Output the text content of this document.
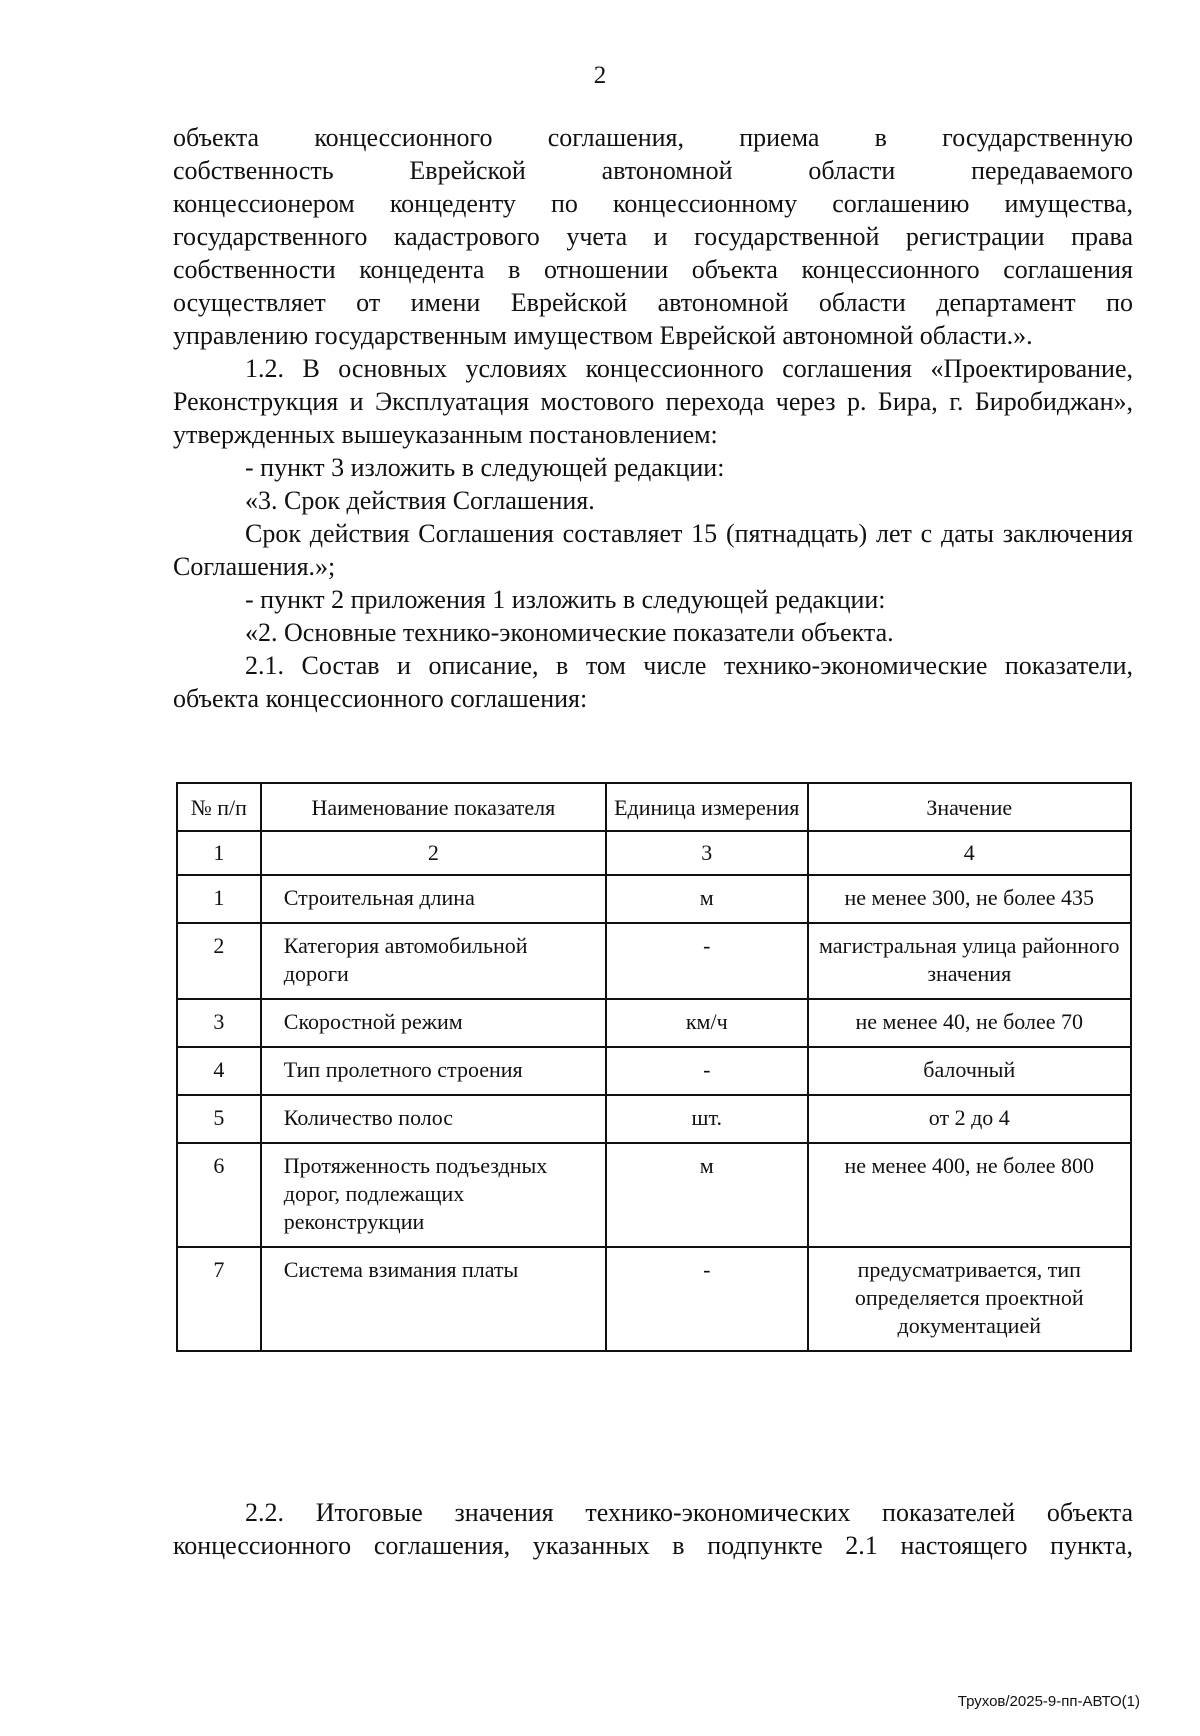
2

объекта концессионного соглашения, приема в государственную

собственность Еврейской автономной области передаваемого

концессионером концеденту по концессионному соглашению имущества,

государственного кадастрового учета и государственной регистрации права

собственности концедента в отношении объекта концессионного соглашения

осуществляет от имени Еврейской автономной области департамент по

управлению государственным имуществом Еврейской автономной области.».

1.2. В основных условиях концессионного соглашения «Проектирование, Реконструкция и Эксплуатация мостового перехода через р. Бира, г. Биробиджан», утвержденных вышеуказанным постановлением:

- пункт 3 изложить в следующей редакции:

«3. Срок действия Соглашения.

Срок действия Соглашения составляет 15 (пятнадцать) лет с даты заключения Соглашения.»;

- пункт 2 приложения 1 изложить в следующей редакции:

«2. Основные технико-экономические показатели объекта.

2.1. Состав и описание, в том числе технико-экономические показатели, объекта концессионного соглашения:

№ п/п	Наименование показателя	Единица измерения	Значение
1	2	3	4
1	Строительная длина	м	не менее 300, не более 435
2	Категория автомобильной дороги	-	магистральная улица районного значения
3	Скоростной режим	км/ч	не менее 40, не более 70
4	Тип пролетного строения	-	балочный
5	Количество полос	шт.	от 2 до 4
6	Протяженность подъездных дорог, подлежащих реконструкции	м	не менее 400, не более 800
7	Система взимания платы	-	предусматривается, тип определяется проектной документацией

2.2. Итоговые значения технико-экономических показателей объекта

концессионного соглашения, указанных в подпункте 2.1 настоящего пункта,

Трухов/2025-9-пп-АВТО(1)
